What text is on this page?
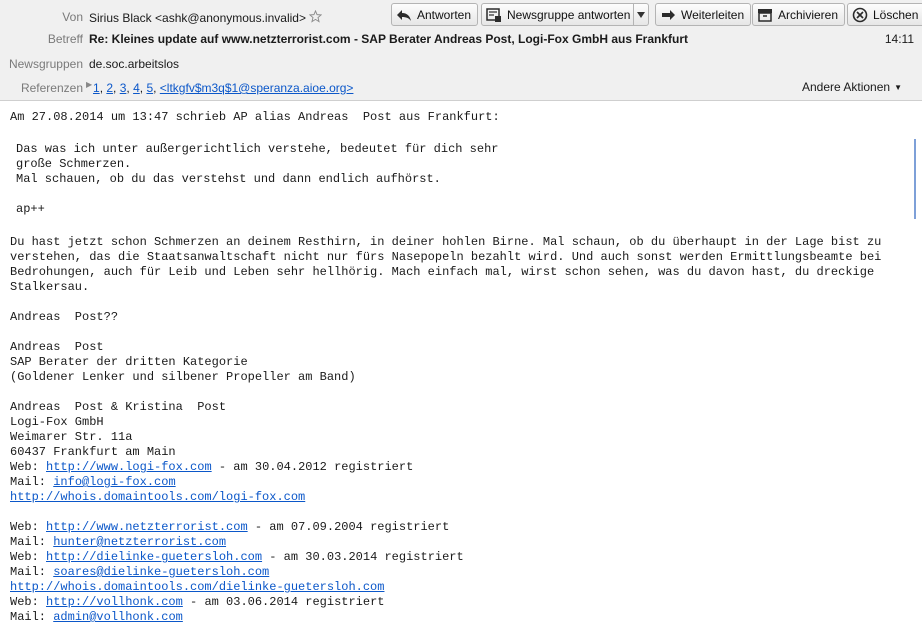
Antworten	Newsgruppe antworten	Weiterleiten	Archivieren	Löschen
Von Sirius Black <ashk@anonymous.invalid>
Betreff Re: Kleines update auf www.netzterrorist.com - SAP Berater Andreas Post, Logi-Fox GmbH aus Frankfurt	14:11
Newsgruppen de.soc.arbeitslos
Referenzen ▶ 1, 2, 3, 4, 5, <ltkgfv$m3q$1@speranza.aioe.org>	Andere Aktionen ▼
Am 27.08.2014 um 13:47 schrieb AP alias Andreas  Post aus Frankfurt:
Das was ich unter außergerichtlich verstehe, bedeutet für dich sehr
große Schmerzen.
Mal schauen, ob du das verstehst und dann endlich aufhörst.
ap++
Du hast jetzt schon Schmerzen an deinem Resthirn, in deiner hohlen Birne. Mal schaun, ob du überhaupt in der Lage bist zu
verstehen, das die Staatsanwaltschaft nicht nur fürs Nasepopeln bezahlt wird. Und auch sonst werden Ermittlungsbeamte bei
Bedrohungen, auch für Leib und Leben sehr hellhörig. Mach einfach mal, wirst schon sehen, was du davon hast, du dreckige
Stalkersau.
Andreas  Post??
Andreas  Post
SAP Berater der dritten Kategorie
(Goldener Lenker und silbener Propeller am Band)
Andreas  Post & Kristina  Post
Logi-Fox GmbH
Weimarer Str. 11a
60437 Frankfurt am Main
Web: http://www.logi-fox.com - am 30.04.2012 registriert
Mail: info@logi-fox.com
http://whois.domaintools.com/logi-fox.com
Web: http://www.netzterrorist.com - am 07.09.2004 registriert
Mail: hunter@netzterrorist.com
Web: http://dielinke-guetersloh.com - am 30.03.2014 registriert
Mail: soares@dielinke-guetersloh.com
http://whois.domaintools.com/dielinke-guetersloh.com
Web: http://vollhonk.com - am 03.06.2014 registriert
Mail: admin@vollhonk.com
